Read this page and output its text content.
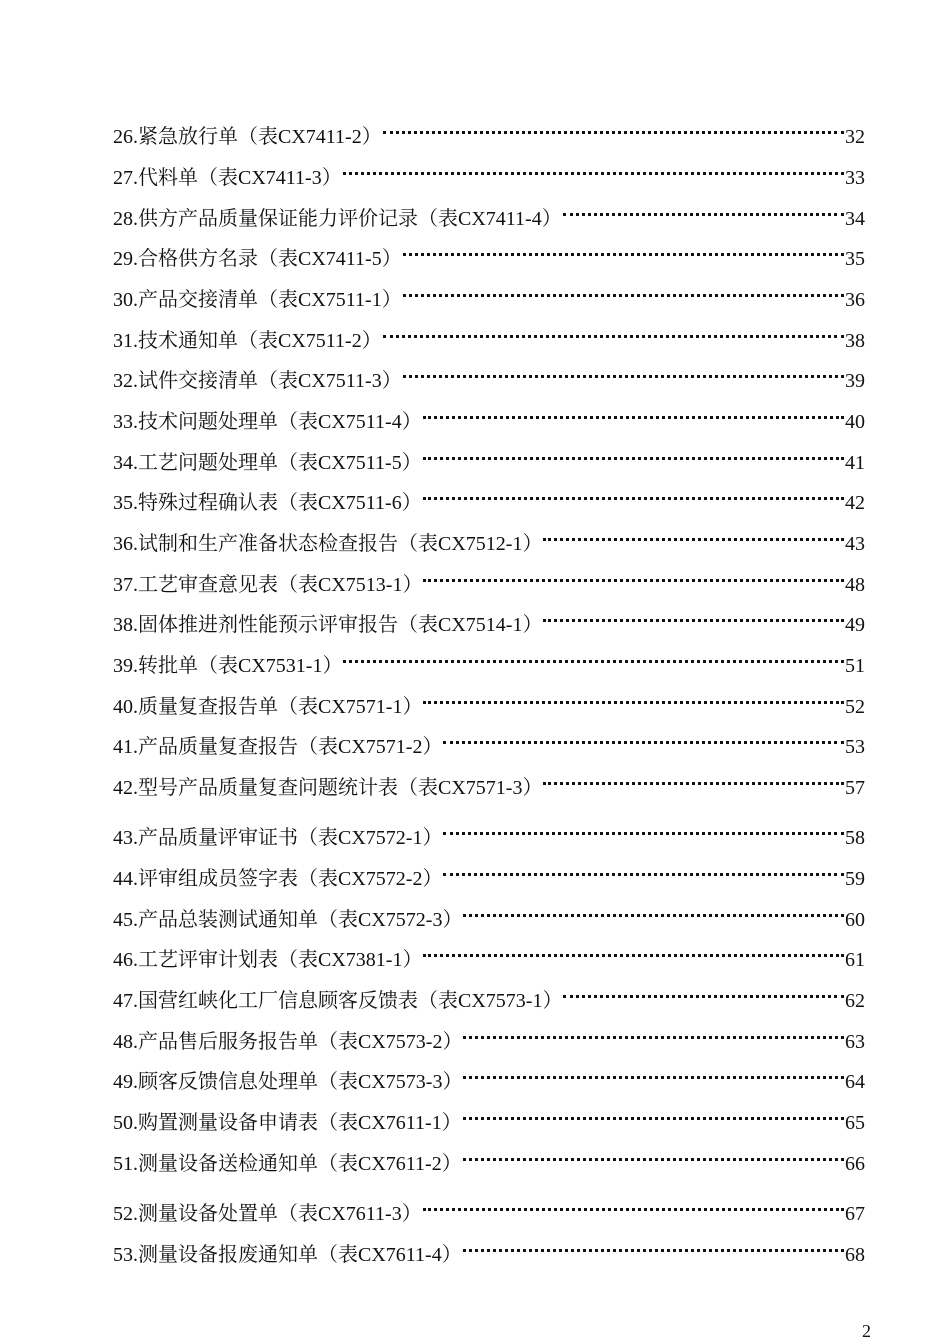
26.紧急放行单（表CX7411-2）	32
27.代料单（表CX7411-3）	33
28.供方产品质量保证能力评价记录（表CX7411-4）	34
29.合格供方名录（表CX7411-5）	35
30.产品交接清单（表CX7511-1）	36
31.技术通知单（表CX7511-2）	38
32.试件交接清单（表CX7511-3）	39
33.技术问题处理单（表CX7511-4）	40
34.工艺问题处理单（表CX7511-5）	41
35.特殊过程确认表（表CX7511-6）	42
36.试制和生产准备状态检查报告（表CX7512-1）	43
37.工艺审查意见表（表CX7513-1）	48
38.固体推进剂性能预示评审报告（表CX7514-1）	49
39.转批单（表CX7531-1）	51
40.质量复查报告单（表CX7571-1）	52
41.产品质量复查报告（表CX7571-2）	53
42.型号产品质量复查问题统计表（表CX7571-3）	57
43.产品质量评审证书（表CX7572-1）	58
44.评审组成员签字表（表CX7572-2）	59
45.产品总装测试通知单（表CX7572-3）	60
46.工艺评审计划表（表CX7381-1）	61
47.国营红峡化工厂信息顾客反馈表（表CX7573-1）	62
48.产品售后服务报告单（表CX7573-2）	63
49.顾客反馈信息处理单（表CX7573-3）	64
50.购置测量设备申请表（表CX7611-1）	65
51.测量设备送检通知单（表CX7611-2）	66
52.测量设备处置单（表CX7611-3）	67
53.测量设备报废通知单（表CX7611-4）	68
2
